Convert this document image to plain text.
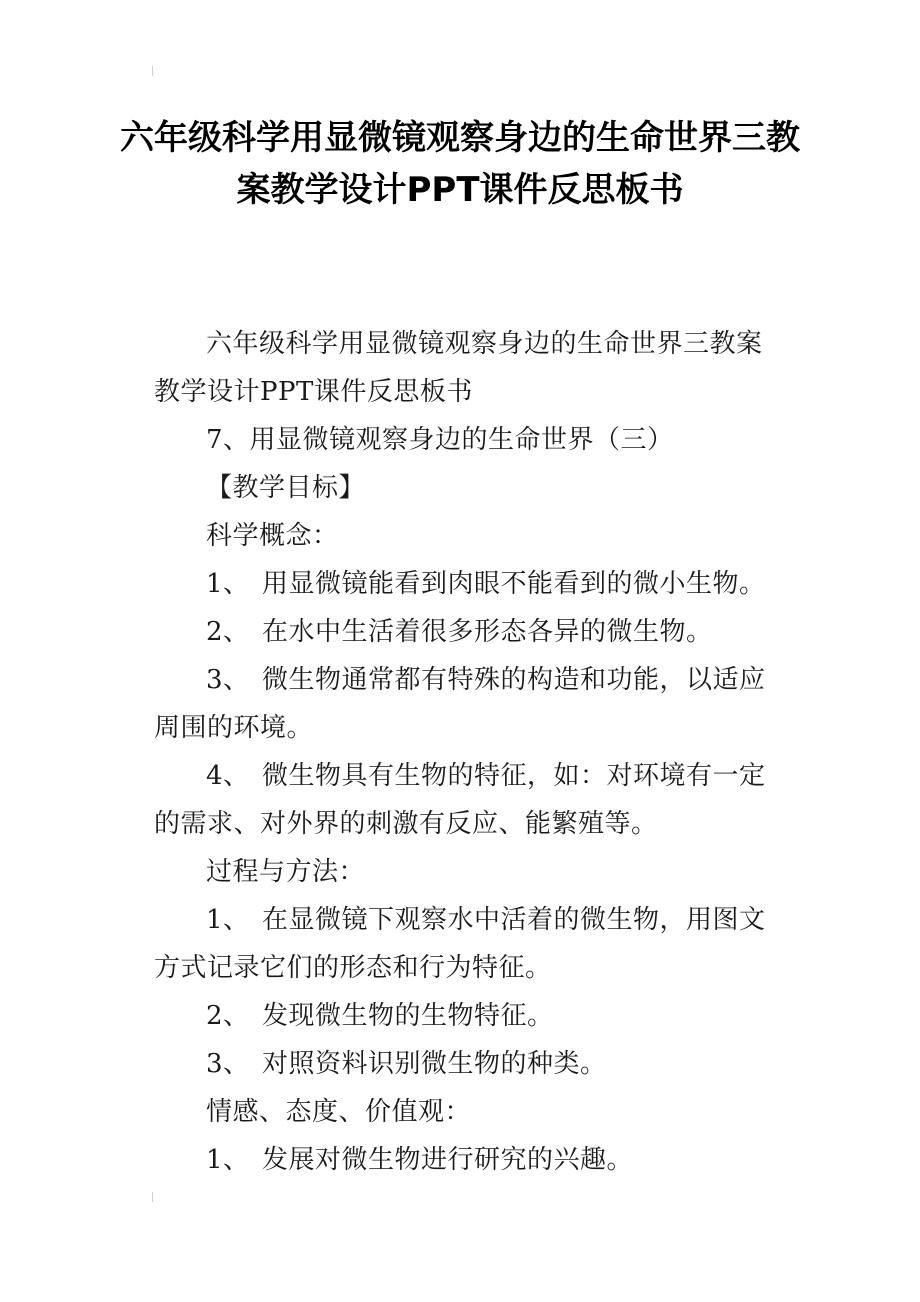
六年级科学用显微镜观察身边的生命世界三教案教学设计PPT课件反思板书

六年级科学用显微镜观察身边的生命世界三教案教学设计PPT课件反思板书

7、用显微镜观察身边的生命世界（三）

【教学目标】

科学概念：

1、 用显微镜能看到肉眼不能看到的微小生物。

2、 在水中生活着很多形态各异的微生物。

3、 微生物通常都有特殊的构造和功能，以适应周围的环境。

4、 微生物具有生物的特征，如：对环境有一定的需求、对外界的刺激有反应、能繁殖等。

过程与方法：

1、 在显微镜下观察水中活着的微生物，用图文方式记录它们的形态和行为特征。

2、 发现微生物的生物特征。

3、 对照资料识别微生物的种类。

情感、态度、价值观：

1、 发展对微生物进行研究的兴趣。
